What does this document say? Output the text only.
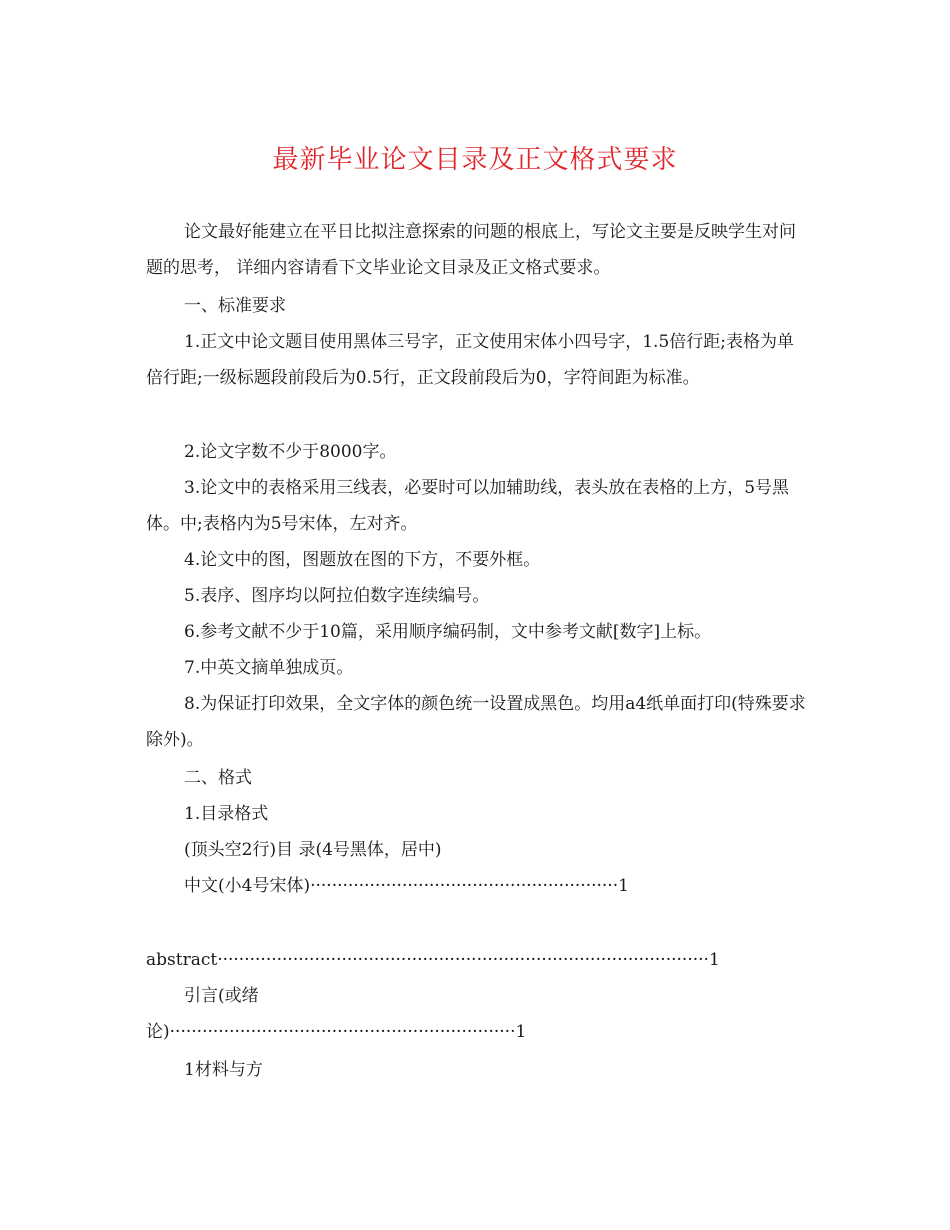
最新毕业论文目录及正文格式要求

论文最好能建立在平日比拟注意探索的问题的根底上，写论文主要是反映学生对问题的思考， 详细内容请看下文毕业论文目录及正文格式要求。

一、标准要求

1.正文中论文题目使用黑体三号字，正文使用宋体小四号字，1.5倍行距;表格为单倍行距;一级标题段前段后为0.5行，正文段前段后为0，字符间距为标准。

2.论文字数不少于8000字。

3.论文中的表格采用三线表，必要时可以加辅助线，表头放在表格的上方，5号黑体。中;表格内为5号宋体，左对齐。

4.论文中的图，图题放在图的下方，不要外框。

5.表序、图序均以阿拉伯数字连续编号。

6.参考文献不少于10篇，采用顺序编码制，文中参考文献[数字]上标。

7.中英文摘单独成页。

8.为保证打印效果，全文字体的颜色统一设置成黑色。均用a4纸单面打印(特殊要求除外)。

二、格式

1.目录格式

(顶头空2行)目 录(4号黑体，居中)

中文(小4号宋体)·························································1
abstract···························································································1
引言(或绪
论)································································1
1材料与方
